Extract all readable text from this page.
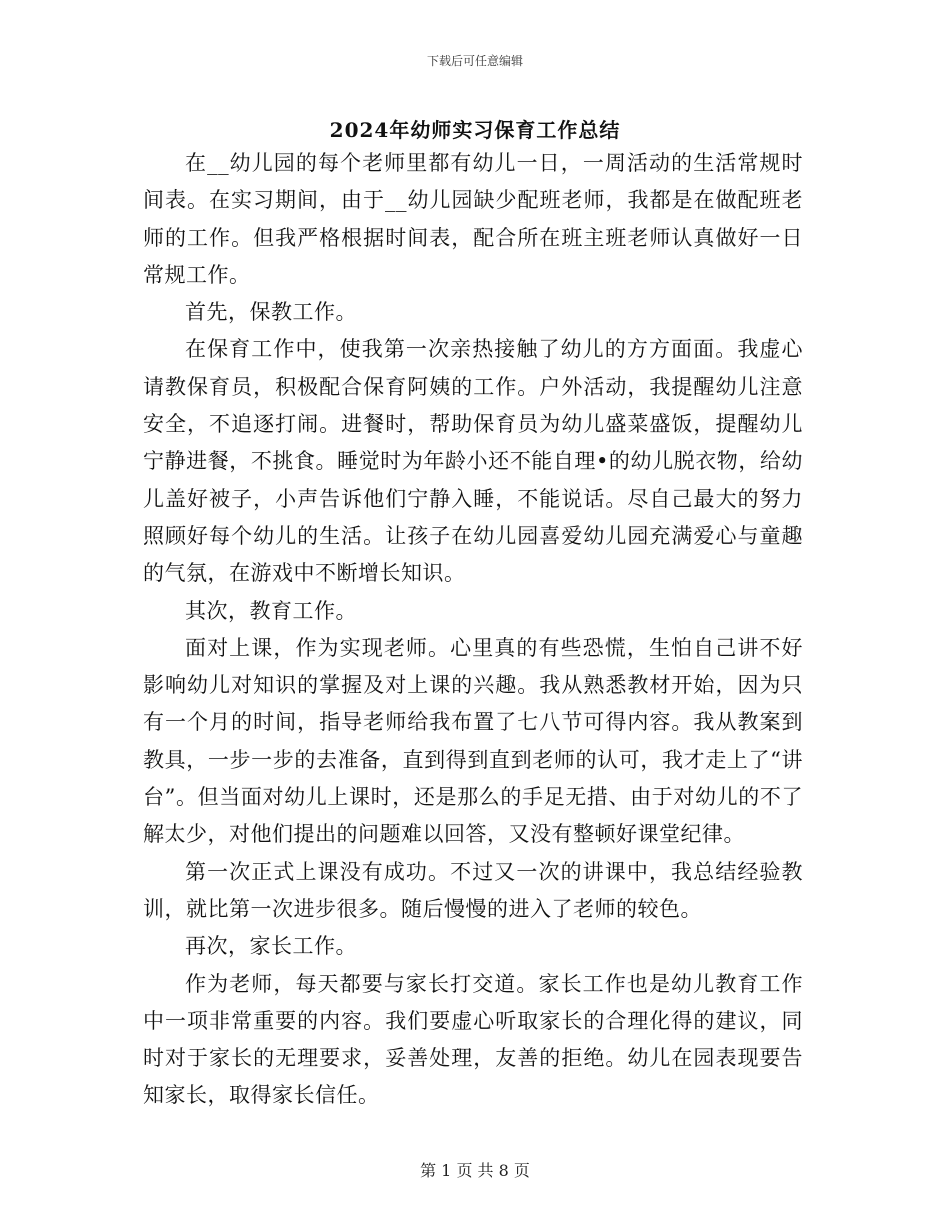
下载后可任意编辑
2024年幼师实习保育工作总结

在__幼儿园的每个老师里都有幼儿一日，一周活动的生活常规时间表。在实习期间，由于__幼儿园缺少配班老师，我都是在做配班老师的工作。但我严格根据时间表，配合所在班主班老师认真做好一日常规工作。

首先，保教工作。

在保育工作中，使我第一次亲热接触了幼儿的方方面面。我虚心请教保育员，积极配合保育阿姨的工作。户外活动，我提醒幼儿注意安全，不追逐打闹。进餐时，帮助保育员为幼儿盛菜盛饭，提醒幼儿宁静进餐，不挑食。睡觉时为年龄小还不能自理•的幼儿脱衣物，给幼儿盖好被子，小声告诉他们宁静入睡，不能说话。尽自己最大的努力照顾好每个幼儿的生活。让孩子在幼儿园喜爱幼儿园充满爱心与童趣的气氛，在游戏中不断增长知识。

其次，教育工作。

面对上课，作为实现老师。心里真的有些恐慌，生怕自己讲不好影响幼儿对知识的掌握及对上课的兴趣。我从熟悉教材开始，因为只有一个月的时间，指导老师给我布置了七八节可得内容。我从教案到教具，一步一步的去准备，直到得到直到老师的认可，我才走上了“讲台”。但当面对幼儿上课时，还是那么的手足无措、由于对幼儿的不了解太少，对他们提出的问题难以回答，又没有整顿好课堂纪律。

第一次正式上课没有成功。不过又一次的讲课中，我总结经验教训，就比第一次进步很多。随后慢慢的进入了老师的较色。

再次，家长工作。

作为老师，每天都要与家长打交道。家长工作也是幼儿教育工作中一项非常重要的内容。我们要虚心听取家长的合理化得的建议，同时对于家长的无理要求，妥善处理，友善的拒绝。幼儿在园表现要告知家长，取得家长信任。

第 1 页 共 8 页
